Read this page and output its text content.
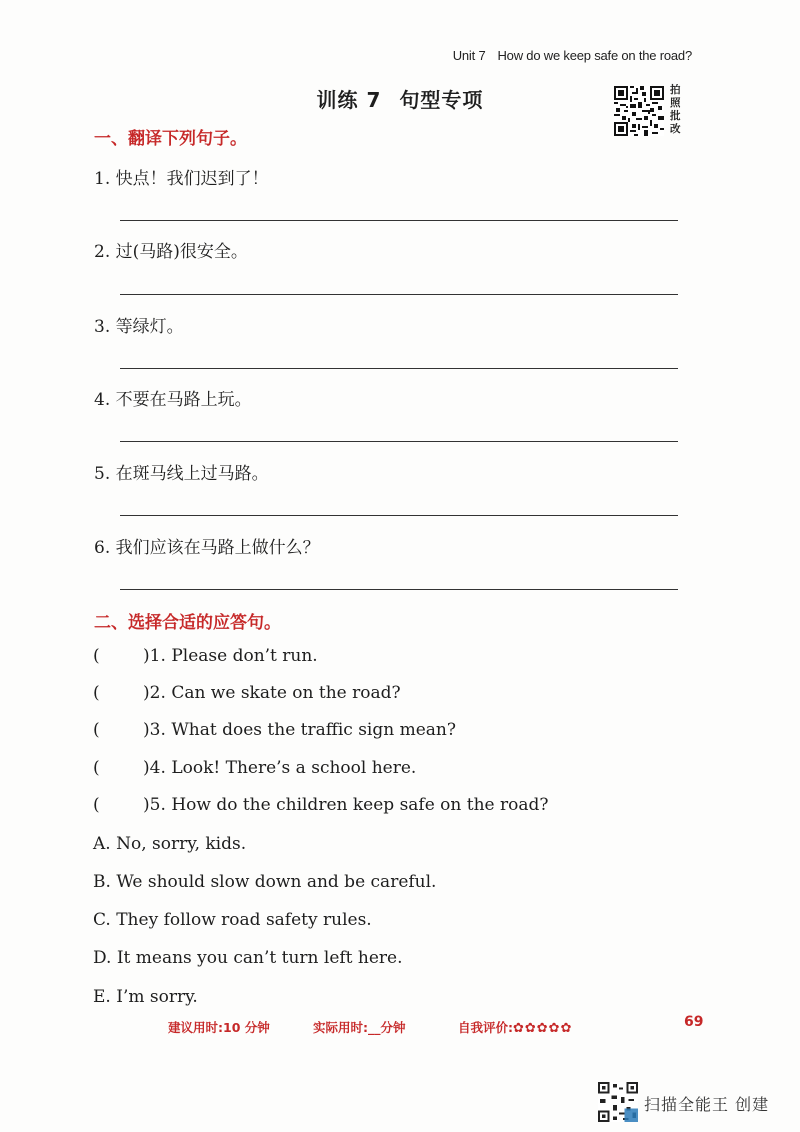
Unit 7 How do we keep safe on the road?
训练 7 句型专项	拍
照
批
改
一、翻译下列句子。
1. 快点！我们迟到了！
2. 过(马路)很安全。
3. 等绿灯。
4. 不要在马路上玩。
5. 在斑马线上过马路。
6. 我们应该在马路上做什么？
二、选择合适的应答句。
( )1. Please don’t run.
( )2. Can we skate on the road?
( )3. What does the traffic sign mean?
( )4. Look! There’s a school here.
( )5. How do the children keep safe on the road?
A. No, sorry, kids.
B. We should slow down and be careful.
C. They follow road safety rules.
D. It means you can’t turn left here.
E. I’m sorry.
建议用时:10 分钟	实际用时:__分钟	自我评价:✿✿✿✿✿	69
扫描全能王 创建
